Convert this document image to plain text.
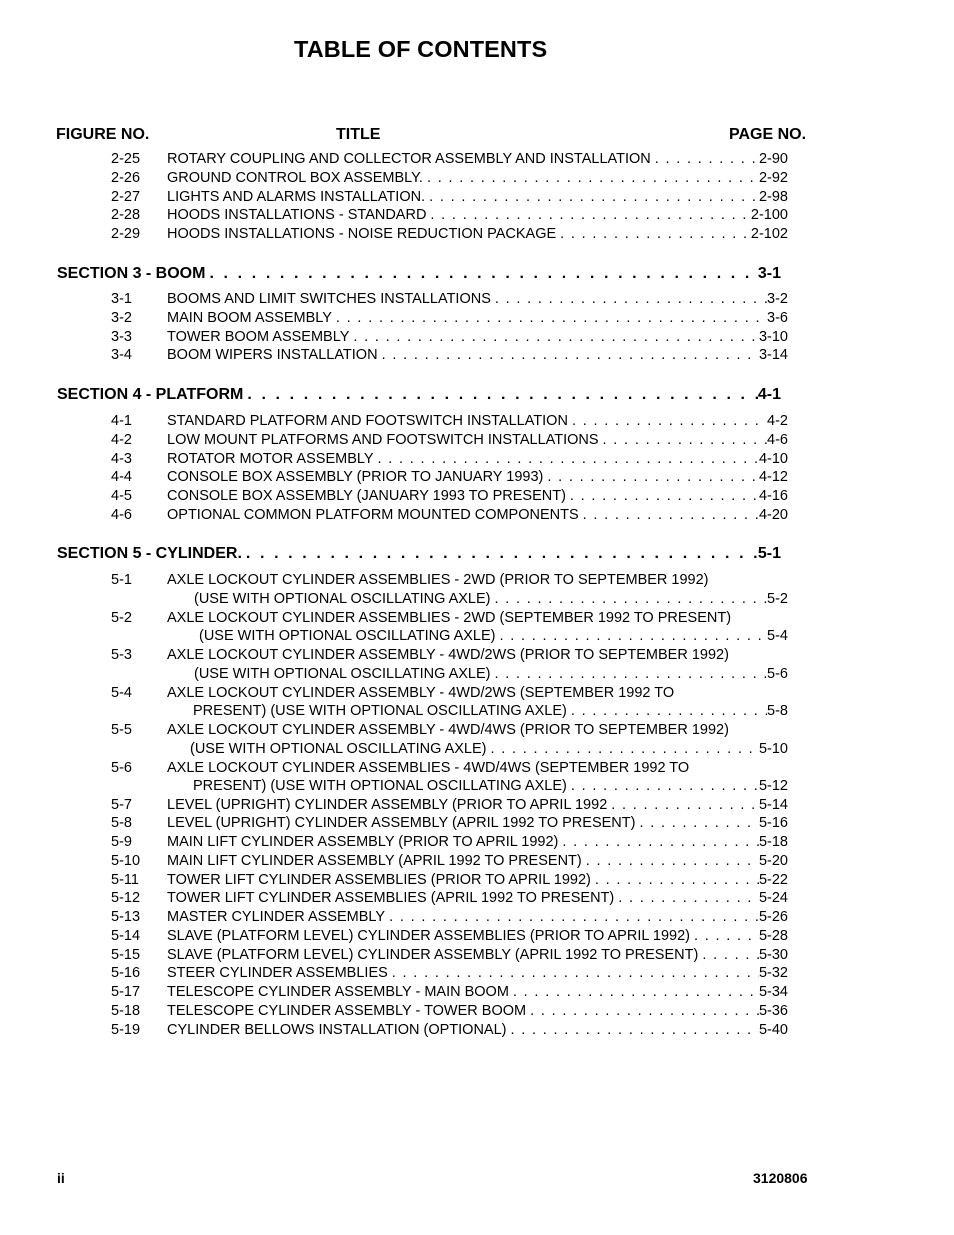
TABLE OF CONTENTS
FIGURE NO.	TITLE	PAGE NO.
2-25 ROTARY COUPLING AND COLLECTOR ASSEMBLY AND INSTALLATION . . .	2-90
2-26 GROUND CONTROL BOX ASSEMBLY. . . .	2-92
2-27 LIGHTS AND ALARMS INSTALLATION. . . .	2-98
2-28 HOODS INSTALLATIONS - STANDARD . . .	2-100
2-29 HOODS INSTALLATIONS - NOISE REDUCTION PACKAGE . . .	2-102
SECTION 3 - BOOM . . .	3-1
3-1 BOOMS AND LIMIT SWITCHES INSTALLATIONS . . .	3-2
3-2 MAIN BOOM ASSEMBLY . . .	3-6
3-3 TOWER BOOM ASSEMBLY . . .	3-10
3-4 BOOM WIPERS INSTALLATION . . .	3-14
SECTION 4 - PLATFORM . . .	4-1
4-1 STANDARD PLATFORM AND FOOTSWITCH INSTALLATION . . .	4-2
4-2 LOW MOUNT PLATFORMS AND FOOTSWITCH INSTALLATIONS . . .	4-6
4-3 ROTATOR MOTOR ASSEMBLY . . .	4-10
4-4 CONSOLE BOX ASSEMBLY (PRIOR TO JANUARY 1993) . . .	4-12
4-5 CONSOLE BOX ASSEMBLY (JANUARY 1993 TO PRESENT) . . .	4-16
4-6 OPTIONAL COMMON PLATFORM MOUNTED COMPONENTS . . .	4-20
SECTION 5 - CYLINDER. . . .	5-1
5-1 AXLE LOCKOUT CYLINDER ASSEMBLIES - 2WD (PRIOR TO SEPTEMBER 1992)
(USE WITH OPTIONAL OSCILLATING AXLE) . . .	5-2
5-2 AXLE LOCKOUT CYLINDER ASSEMBLIES - 2WD (SEPTEMBER 1992 TO PRESENT)
(USE WITH OPTIONAL OSCILLATING AXLE) . . .	5-4
5-3 AXLE LOCKOUT CYLINDER ASSEMBLY - 4WD/2WS (PRIOR TO SEPTEMBER 1992)
(USE WITH OPTIONAL OSCILLATING AXLE) . . .	5-6
5-4 AXLE LOCKOUT CYLINDER ASSEMBLY - 4WD/2WS (SEPTEMBER 1992 TO
PRESENT) (USE WITH OPTIONAL OSCILLATING AXLE) . . .	5-8
5-5 AXLE LOCKOUT CYLINDER ASSEMBLY - 4WD/4WS (PRIOR TO SEPTEMBER 1992)
(USE WITH OPTIONAL OSCILLATING AXLE) . . .	5-10
5-6 AXLE LOCKOUT CYLINDER ASSEMBLIES - 4WD/4WS (SEPTEMBER 1992 TO
PRESENT) (USE WITH OPTIONAL OSCILLATING AXLE) . . .	5-12
5-7 LEVEL (UPRIGHT) CYLINDER ASSEMBLY (PRIOR TO APRIL 1992 . . .	5-14
5-8 LEVEL (UPRIGHT) CYLINDER ASSEMBLY (APRIL 1992 TO PRESENT) . . .	5-16
5-9 MAIN LIFT CYLINDER ASSEMBLY (PRIOR TO APRIL 1992) . . .	5-18
5-10 MAIN LIFT CYLINDER ASSEMBLY (APRIL 1992 TO PRESENT) . . .	5-20
5-11 TOWER LIFT CYLINDER ASSEMBLIES (PRIOR TO APRIL 1992) . . .	5-22
5-12 TOWER LIFT CYLINDER ASSEMBLIES (APRIL 1992 TO PRESENT) . . .	5-24
5-13 MASTER CYLINDER ASSEMBLY . . .	5-26
5-14 SLAVE (PLATFORM LEVEL) CYLINDER ASSEMBLIES (PRIOR TO APRIL 1992) . . .	5-28
5-15 SLAVE (PLATFORM LEVEL) CYLINDER ASSEMBLY (APRIL 1992 TO PRESENT) . . .	5-30
5-16 STEER CYLINDER ASSEMBLIES . . .	5-32
5-17 TELESCOPE CYLINDER ASSEMBLY - MAIN BOOM . . .	5-34
5-18 TELESCOPE CYLINDER ASSEMBLY - TOWER BOOM . . .	5-36
5-19 CYLINDER BELLOWS INSTALLATION (OPTIONAL) . . .	5-40
ii	3120806
